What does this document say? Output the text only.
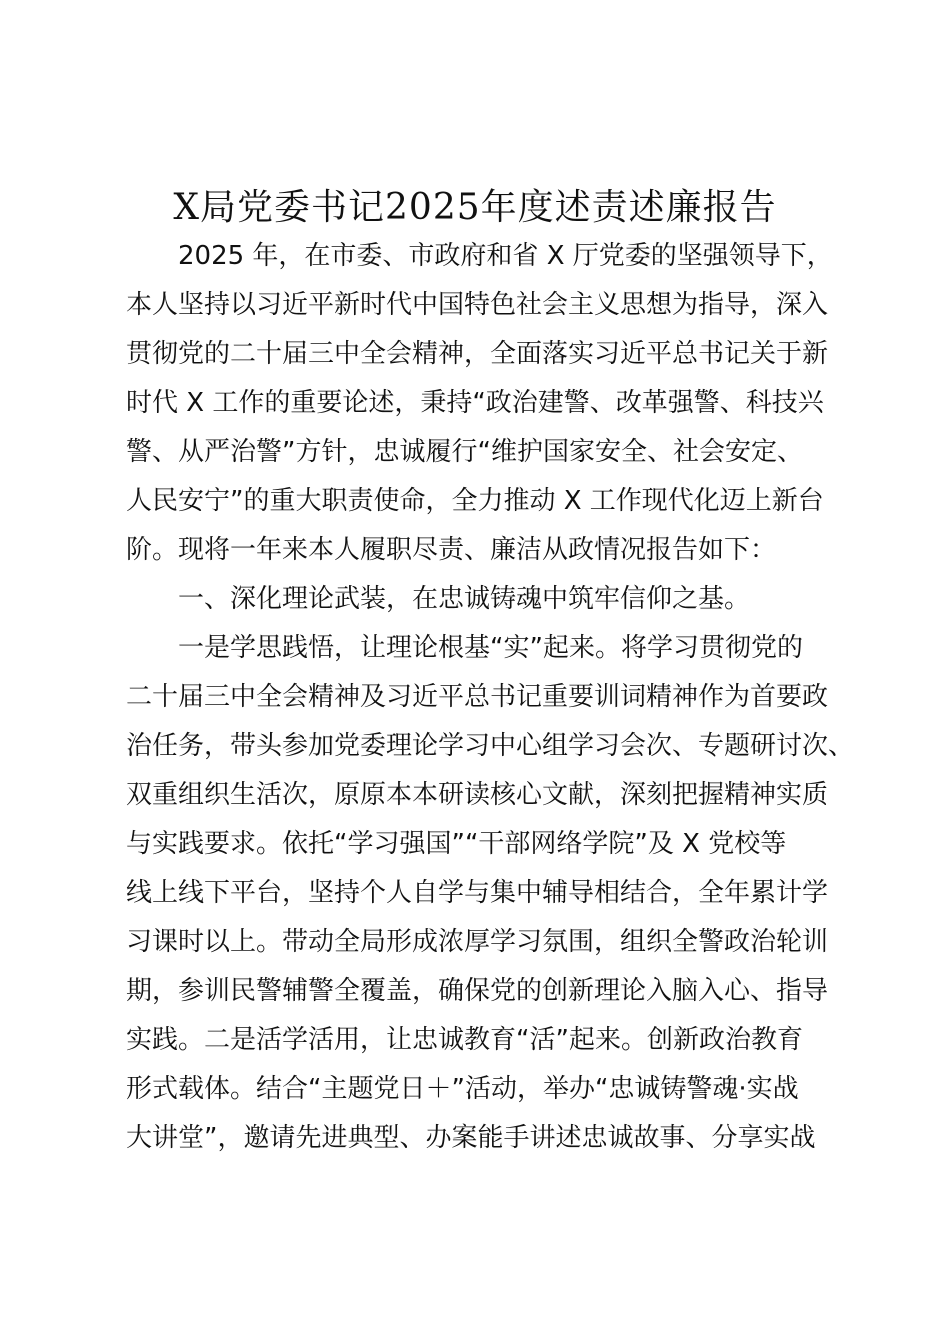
X局党委书记2025年度述责述廉报告
2025 年，在市委、市政府和省 X 厅党委的坚强领导下，
本人坚持以习近平新时代中国特色社会主义思想为指导，深入
贯彻党的二十届三中全会精神，全面落实习近平总书记关于新
时代 X 工作的重要论述，秉持“政治建警、改革强警、科技兴
警、从严治警”方针，忠诚履行“维护国家安全、社会安定、
人民安宁”的重大职责使命，全力推动 X 工作现代化迈上新台
阶。现将一年来本人履职尽责、廉洁从政情况报告如下：
一、深化理论武装，在忠诚铸魂中筑牢信仰之基。
一是学思践悟，让理论根基“实”起来。将学习贯彻党的
二十届三中全会精神及习近平总书记重要训词精神作为首要政
治任务，带头参加党委理论学习中心组学习会次、专题研讨次、
双重组织生活次，原原本本研读核心文献，深刻把握精神实质
与实践要求。依托“学习强国”“干部网络学院”及 X 党校等
线上线下平台，坚持个人自学与集中辅导相结合，全年累计学
习课时以上。带动全局形成浓厚学习氛围，组织全警政治轮训
期，参训民警辅警全覆盖，确保党的创新理论入脑入心、指导
实践。二是活学活用，让忠诚教育“活”起来。创新政治教育
形式载体。结合“主题党日＋”活动，举办“忠诚铸警魂·实战
大讲堂”，邀请先进典型、办案能手讲述忠诚故事、分享实战
